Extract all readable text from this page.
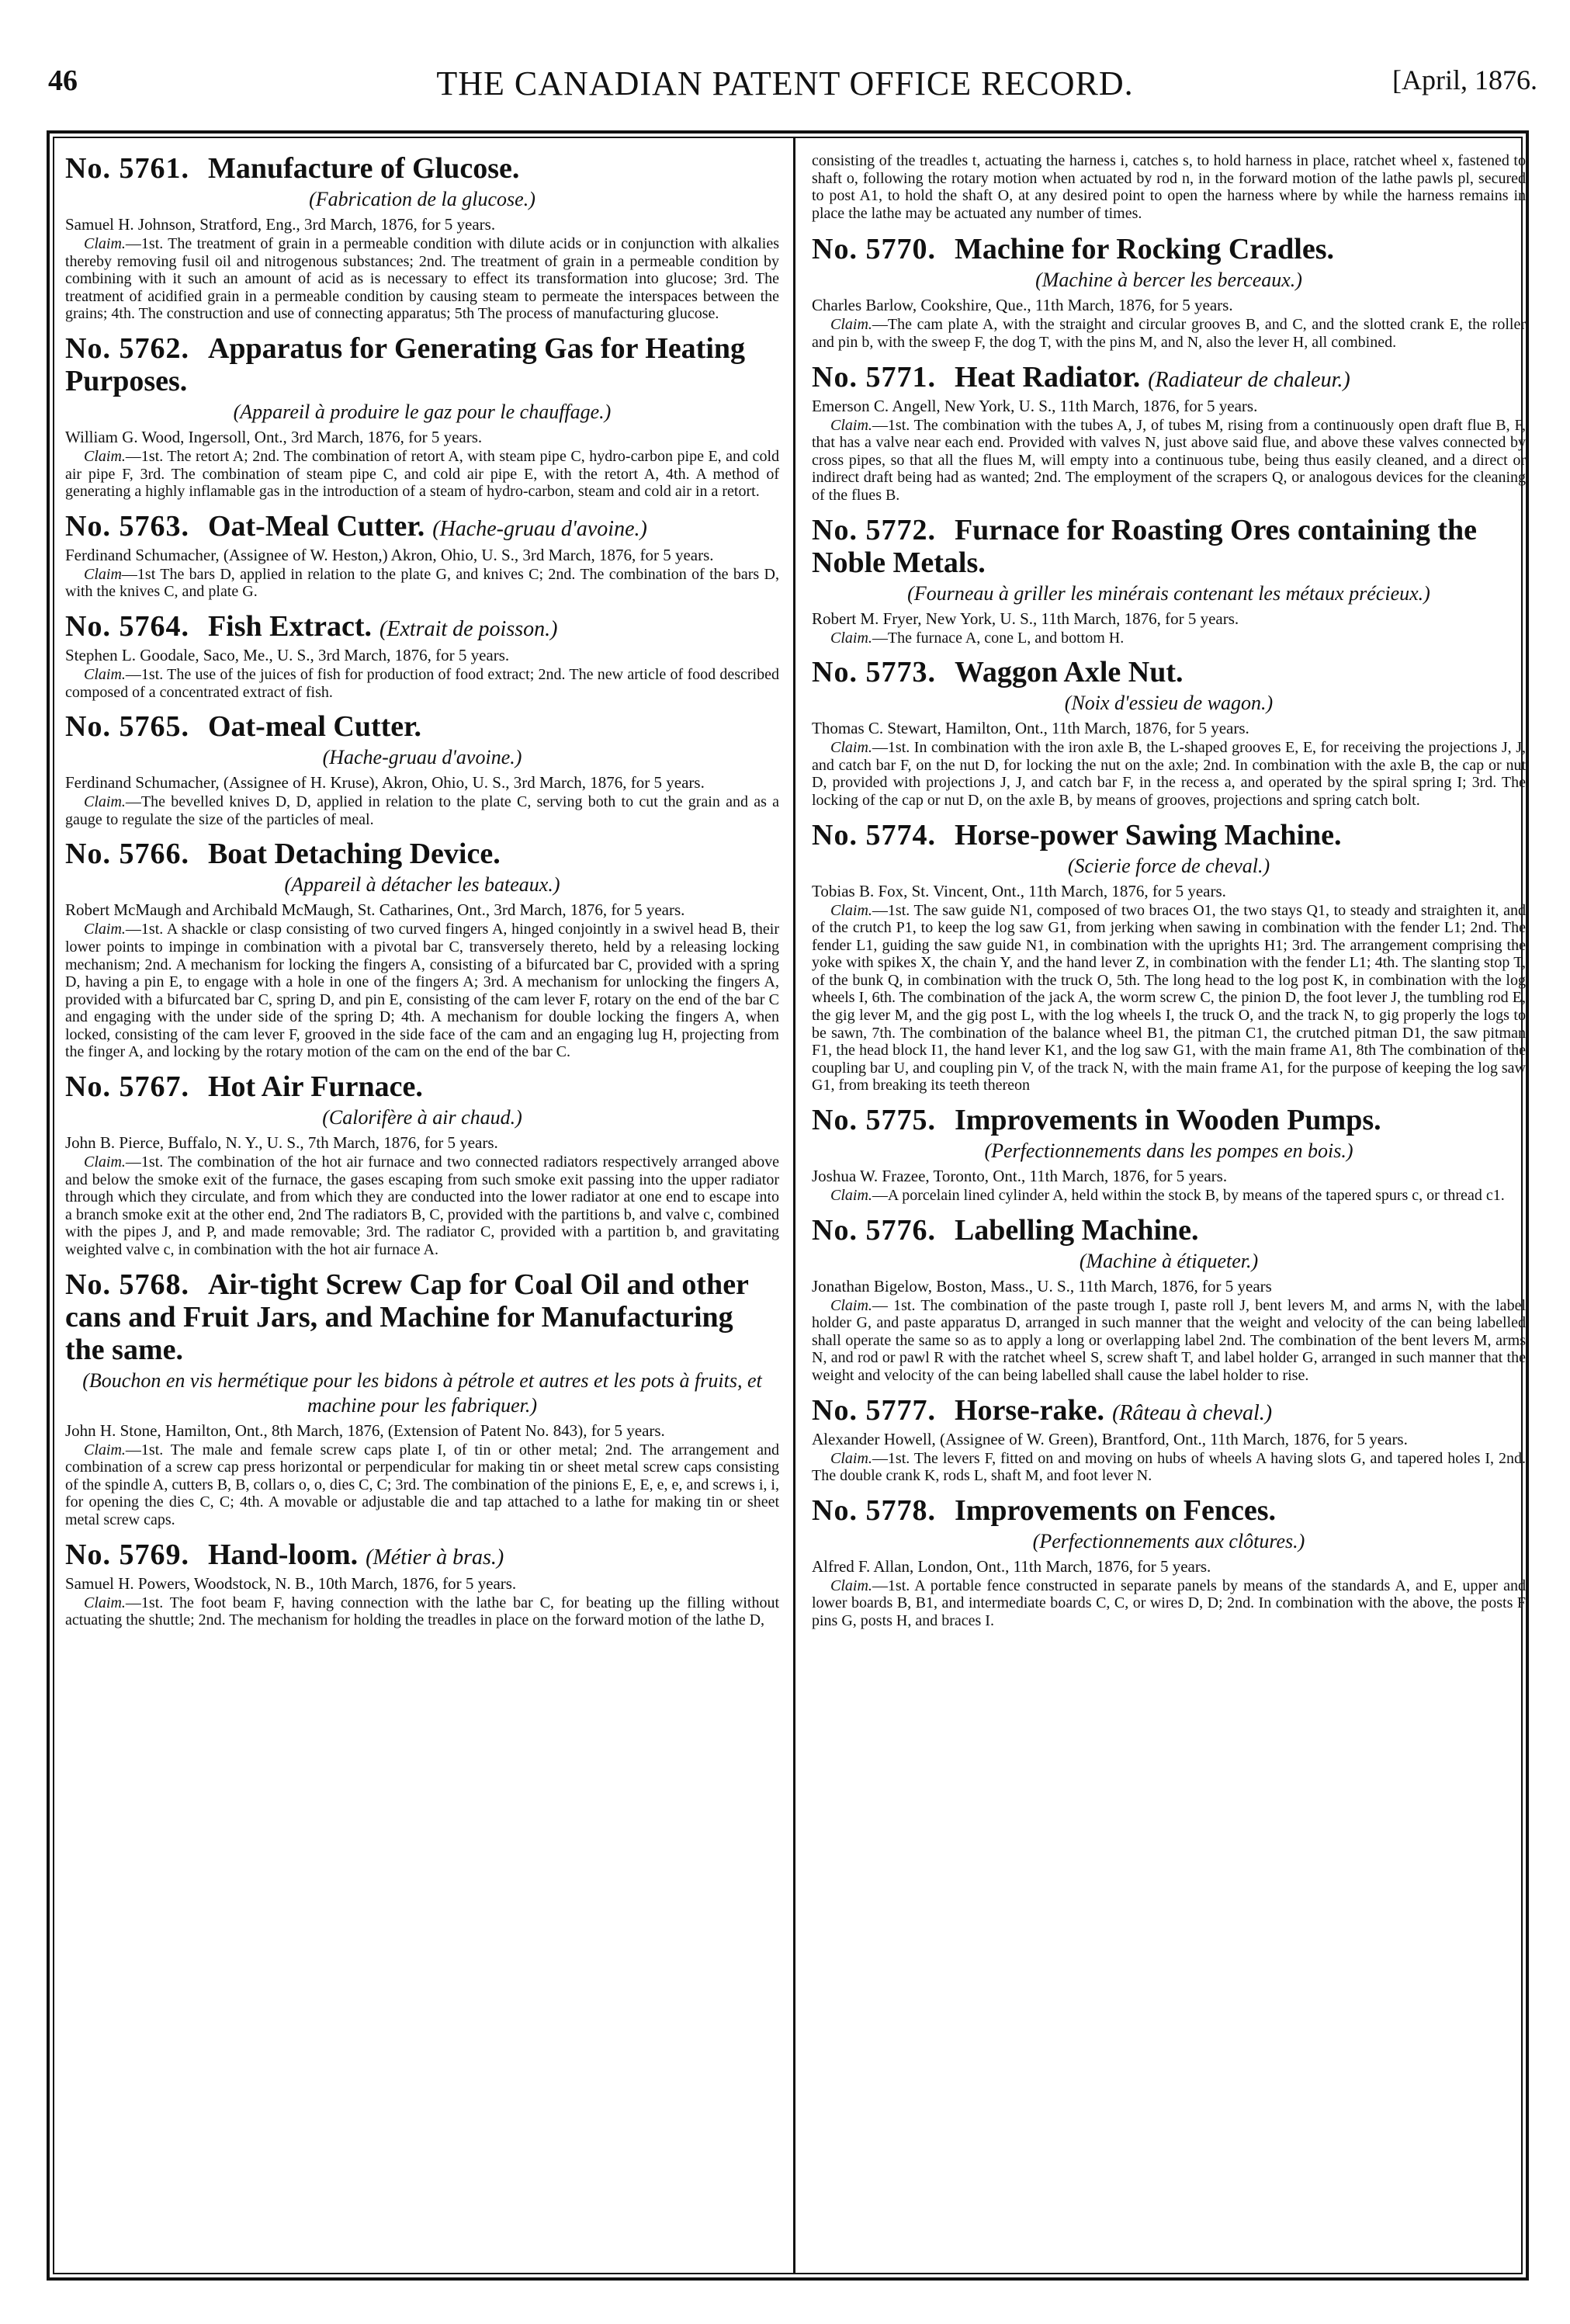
46	THE CANADIAN PATENT OFFICE RECORD.	[April, 1876.
No. 5761. Manufacture of Glucose.
(Fabrication de la glucose.)
Samuel H. Johnson, Stratford, Eng., 3rd March, 1876, for 5 years.

Claim.—1st. The treatment of grain in a permeable condition with dilute acids or in conjunction with alkalies thereby removing fusil oil and nitrogenous substances; 2nd. The treatment of grain in a permeable condition by combining with it such an amount of acid as is necessary to effect its transformation into glucose; 3rd. The treatment of acidified grain in a permeable condition by causing steam to permeate the interspaces between the grains; 4th. The construction and use of connecting apparatus; 5th The process of manufacturing glucose.

No. 5762. Apparatus for Generating Gas for Heating Purposes.
(Appareil à produire le gaz pour le chauffage.)
William G. Wood, Ingersoll, Ont., 3rd March, 1876, for 5 years.

Claim.—1st. The retort A; 2nd. The combination of retort A, with steam pipe C, hydro-carbon pipe E, and cold air pipe F, 3rd. The combination of steam pipe C, and cold air pipe E, with the retort A, 4th. A method of generating a highly inflamable gas in the introduction of a steam of hydro-carbon, steam and cold air in a retort.

No. 5763. Oat-Meal Cutter. (Hache-gruau d'avoine.)
Ferdinand Schumacher, (Assignee of W. Heston,) Akron, Ohio, U. S., 3rd March, 1876, for 5 years.

Claim—1st The bars D, applied in relation to the plate G, and knives C; 2nd. The combination of the bars D, with the knives C, and plate G.

No. 5764. Fish Extract. (Extrait de poisson.)
Stephen L. Goodale, Saco, Me., U. S., 3rd March, 1876, for 5 years.

Claim.—1st. The use of the juices of fish for production of food extract; 2nd. The new article of food described composed of a concentrated extract of fish.

No. 5765. Oat-meal Cutter.
(Hache-gruau d'avoine.)
Ferdinand Schumacher, (Assignee of H. Kruse), Akron, Ohio, U. S., 3rd March, 1876, for 5 years.

Claim.—The bevelled knives D, D, applied in relation to the plate C, serving both to cut the grain and as a gauge to regulate the size of the particles of meal.

No. 5766. Boat Detaching Device.
(Appareil à détacher les bateaux.)
Robert McMaugh and Archibald McMaugh, St. Catharines, Ont., 3rd March, 1876, for 5 years.

Claim.—1st. A shackle or clasp consisting of two curved fingers A, hinged conjointly in a swivel head B, their lower points to impinge in combination with a pivotal bar C, transversely thereto, held by a releasing locking mechanism; 2nd. A mechanism for locking the fingers A, consisting of a bifurcated bar C, provided with a spring D, having a pin E, to engage with a hole in one of the fingers A; 3rd. A mechanism for unlocking the fingers A, provided with a bifurcated bar C, spring D, and pin E, consisting of the cam lever F, rotary on the end of the bar C and engaging with the under side of the spring D; 4th. A mechanism for double locking the fingers A, when locked, consisting of the cam lever F, grooved in the side face of the cam and an engaging lug H, projecting from the finger A, and locking by the rotary motion of the cam on the end of the bar C.

No. 5767. Hot Air Furnace.
(Calorifère à air chaud.)
John B. Pierce, Buffalo, N. Y., U. S., 7th March, 1876, for 5 years.

Claim.—1st. The combination of the hot air furnace and two connected radiators respectively arranged above and below the smoke exit of the furnace, the gases escaping from such smoke exit passing into the upper radiator through which they circulate, and from which they are conducted into the lower radiator at one end to escape into a branch smoke exit at the other end, 2nd The radiators B, C, provided with the partitions b, and valve c, combined with the pipes J, and P, and made removable; 3rd. The radiator C, provided with a partition b, and gravitating weighted valve c, in combination with the hot air furnace A.

No. 5768. Air-tight Screw Cap for Coal Oil and other cans and Fruit Jars, and Machine for Manufacturing the same.
(Bouchon en vis hermétique pour les bidons à pétrole et autres et les pots à fruits, et machine pour les fabriquer.)
John H. Stone, Hamilton, Ont., 8th March, 1876, (Extension of Patent No. 843), for 5 years.

Claim.—1st. The male and female screw caps plate I, of tin or other metal; 2nd. The arrangement and combination of a screw cap press horizontal or perpendicular for making tin or sheet metal screw caps consisting of the spindle A, cutters B, B, collars o, o, dies C, C; 3rd. The combination of the pinions E, E, e, e, and screws i, i, for opening the dies C, C; 4th. A movable or adjustable die and tap attached to a lathe for making tin or sheet metal screw caps.

No. 5769. Hand-loom. (Métier à bras.)
Samuel H. Powers, Woodstock, N. B., 10th March, 1876, for 5 years.

Claim.—1st. The foot beam F, having connection with the lathe bar C, for beating up the filling without actuating the shuttle; 2nd. The mechanism for holding the treadles in place on the forward motion of the lathe D,

consisting of the treadles t, actuating the harness i, catches s, to hold harness in place, ratchet wheel x, fastened to shaft o, following the rotary motion when actuated by rod n, in the forward motion of the lathe pawls pl, secured to post A1, to hold the shaft O, at any desired point to open the harness where by while the harness remains in place the lathe may be actuated any number of times.

No. 5770. Machine for Rocking Cradles.
(Machine à bercer les berceaux.)
Charles Barlow, Cookshire, Que., 11th March, 1876, for 5 years.

Claim.—The cam plate A, with the straight and circular grooves B, and C, and the slotted crank E, the roller and pin b, with the sweep F, the dog T, with the pins M, and N, also the lever H, all combined.

No. 5771. Heat Radiator. (Radiateur de chaleur.)
Emerson C. Angell, New York, U. S., 11th March, 1876, for 5 years.

Claim.—1st. The combination with the tubes A, J, of tubes M, rising from a continuously open draft flue B, F, that has a valve near each end. Provided with valves N, just above said flue, and above these valves connected by cross pipes, so that all the flues M, will empty into a continuous tube, being thus easily cleaned, and a direct or indirect draft being had as wanted; 2nd. The employment of the scrapers Q, or analogous devices for the cleaning of the flues B.

No. 5772. Furnace for Roasting Ores containing the Noble Metals.
(Fourneau à griller les minérais contenant les métaux précieux.)
Robert M. Fryer, New York, U. S., 11th March, 1876, for 5 years.

Claim.—The furnace A, cone L, and bottom H.

No. 5773. Waggon Axle Nut.
(Noix d'essieu de wagon.)
Thomas C. Stewart, Hamilton, Ont., 11th March, 1876, for 5 years.

Claim.—1st. In combination with the iron axle B, the L-shaped grooves E, E, for receiving the projections J, J, and catch bar F, on the nut D, for locking the nut on the axle; 2nd. In combination with the axle B, the cap or nut D, provided with projections J, J, and catch bar F, in the recess a, and operated by the spiral spring I; 3rd. The locking of the cap or nut D, on the axle B, by means of grooves, projections and spring catch bolt.

No. 5774. Horse-power Sawing Machine.
(Scierie force de cheval.)
Tobias B. Fox, St. Vincent, Ont., 11th March, 1876, for 5 years.

Claim.—1st. The saw guide N1, composed of two braces O1, the two stays Q1, to steady and straighten it, and of the crutch P1, to keep the log saw G1, from jerking when sawing in combination with the fender L1; 2nd. The fender L1, guiding the saw guide N1, in combination with the uprights H1; 3rd. The arrangement comprising the yoke with spikes X, the chain Y, and the hand lever Z, in combination with the fender L1; 4th. The slanting stop T, of the bunk Q, in combination with the truck O, 5th. The long head to the log post K, in combination with the log wheels I, 6th. The combination of the jack A, the worm screw C, the pinion D, the foot lever J, the tumbling rod E, the gig lever M, and the gig post L, with the log wheels I, the truck O, and the track N, to gig properly the logs to be sawn, 7th. The combination of the balance wheel B1, the pitman C1, the crutched pitman D1, the saw pitman F1, the head block I1, the hand lever K1, and the log saw G1, with the main frame A1, 8th The combination of the coupling bar U, and coupling pin V, of the track N, with the main frame A1, for the purpose of keeping the log saw G1, from breaking its teeth thereon

No. 5775. Improvements in Wooden Pumps.
(Perfectionnements dans les pompes en bois.)
Joshua W. Frazee, Toronto, Ont., 11th March, 1876, for 5 years.

Claim.—A porcelain lined cylinder A, held within the stock B, by means of the tapered spurs c, or thread c1.

No. 5776. Labelling Machine.
(Machine à étiqueter.)
Jonathan Bigelow, Boston, Mass., U. S., 11th March, 1876, for 5 years

Claim.— 1st. The combination of the paste trough I, paste roll J, bent levers M, and arms N, with the label holder G, and paste apparatus D, arranged in such manner that the weight and velocity of the can being labelled shall operate the same so as to apply a long or overlapping label 2nd. The combination of the bent levers M, arms N, and rod or pawl R with the ratchet wheel S, screw shaft T, and label holder G, arranged in such manner that the weight and velocity of the can being labelled shall cause the label holder to rise.

No. 5777. Horse-rake. (Râteau à cheval.)
Alexander Howell, (Assignee of W. Green), Brantford, Ont., 11th March, 1876, for 5 years.

Claim.—1st. The levers F, fitted on and moving on hubs of wheels A having slots G, and tapered holes I, 2nd. The double crank K, rods L, shaft M, and foot lever N.

No. 5778. Improvements on Fences.
(Perfectionnements aux clôtures.)
Alfred F. Allan, London, Ont., 11th March, 1876, for 5 years.

Claim.—1st. A portable fence constructed in separate panels by means of the standards A, and E, upper and lower boards B, B1, and intermediate boards C, C, or wires D, D; 2nd. In combination with the above, the posts F pins G, posts H, and braces I.
